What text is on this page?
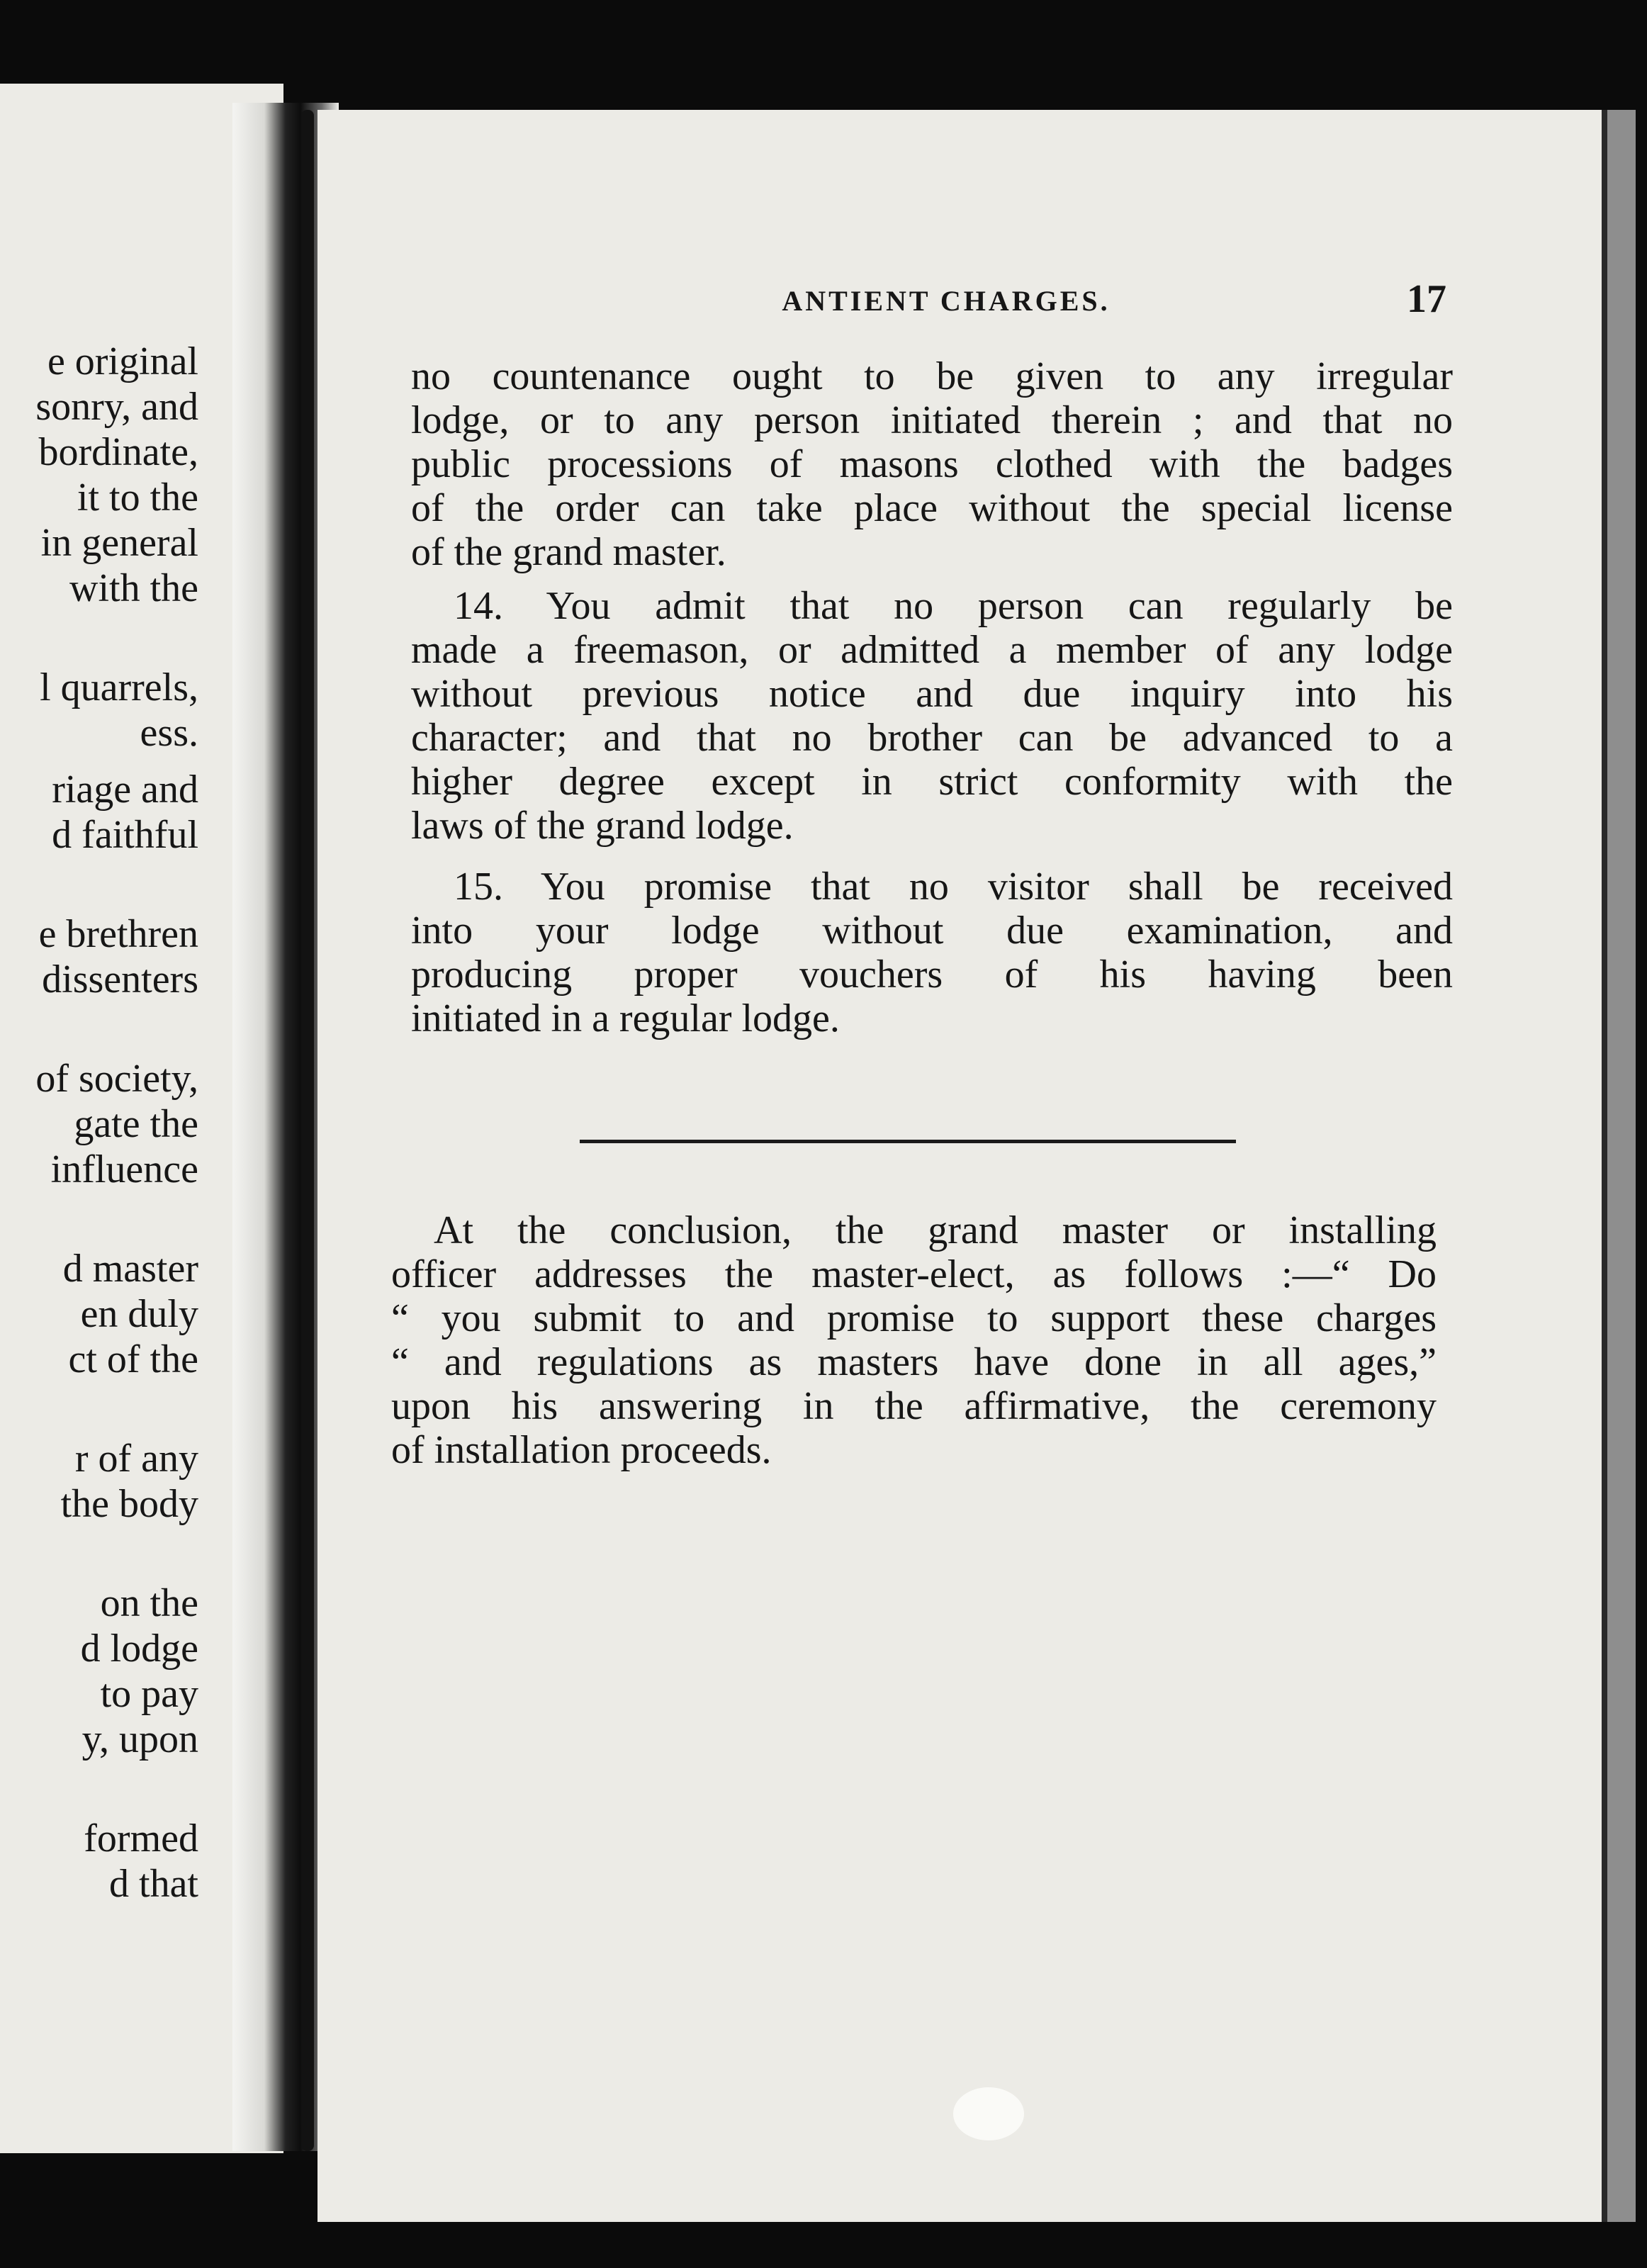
e original
sonry, and
bordinate,
it to the
in general
with the
l quarrels,
ess.
riage and
d faithful
e brethren
dissenters
of society,
gate the
influence
d master
en duly
ct of the
r of any
the body
on the
d lodge
to pay
y, upon
formed
d that
ANTIENT CHARGES.	17

no countenance ought to be given to any irregular
lodge, or to any person initiated therein ; and that no
public processions of masons clothed with the badges
of the order can take place without the special license
of the grand master.

14. You admit that no person can regularly be
made a freemason, or admitted a member of any lodge
without previous notice and due inquiry into his
character; and that no brother can be advanced to a
higher degree except in strict conformity with the
laws of the grand lodge.

15. You promise that no visitor shall be received
into your lodge without due examination, and
producing proper vouchers of his having been
initiated in a regular lodge.

At the conclusion, the grand master or installing
officer addresses the master-elect, as follows :—“ Do
“ you submit to and promise to support these charges
“ and regulations as masters have done in all ages,”
upon his answering in the affirmative, the ceremony
of installation proceeds.
